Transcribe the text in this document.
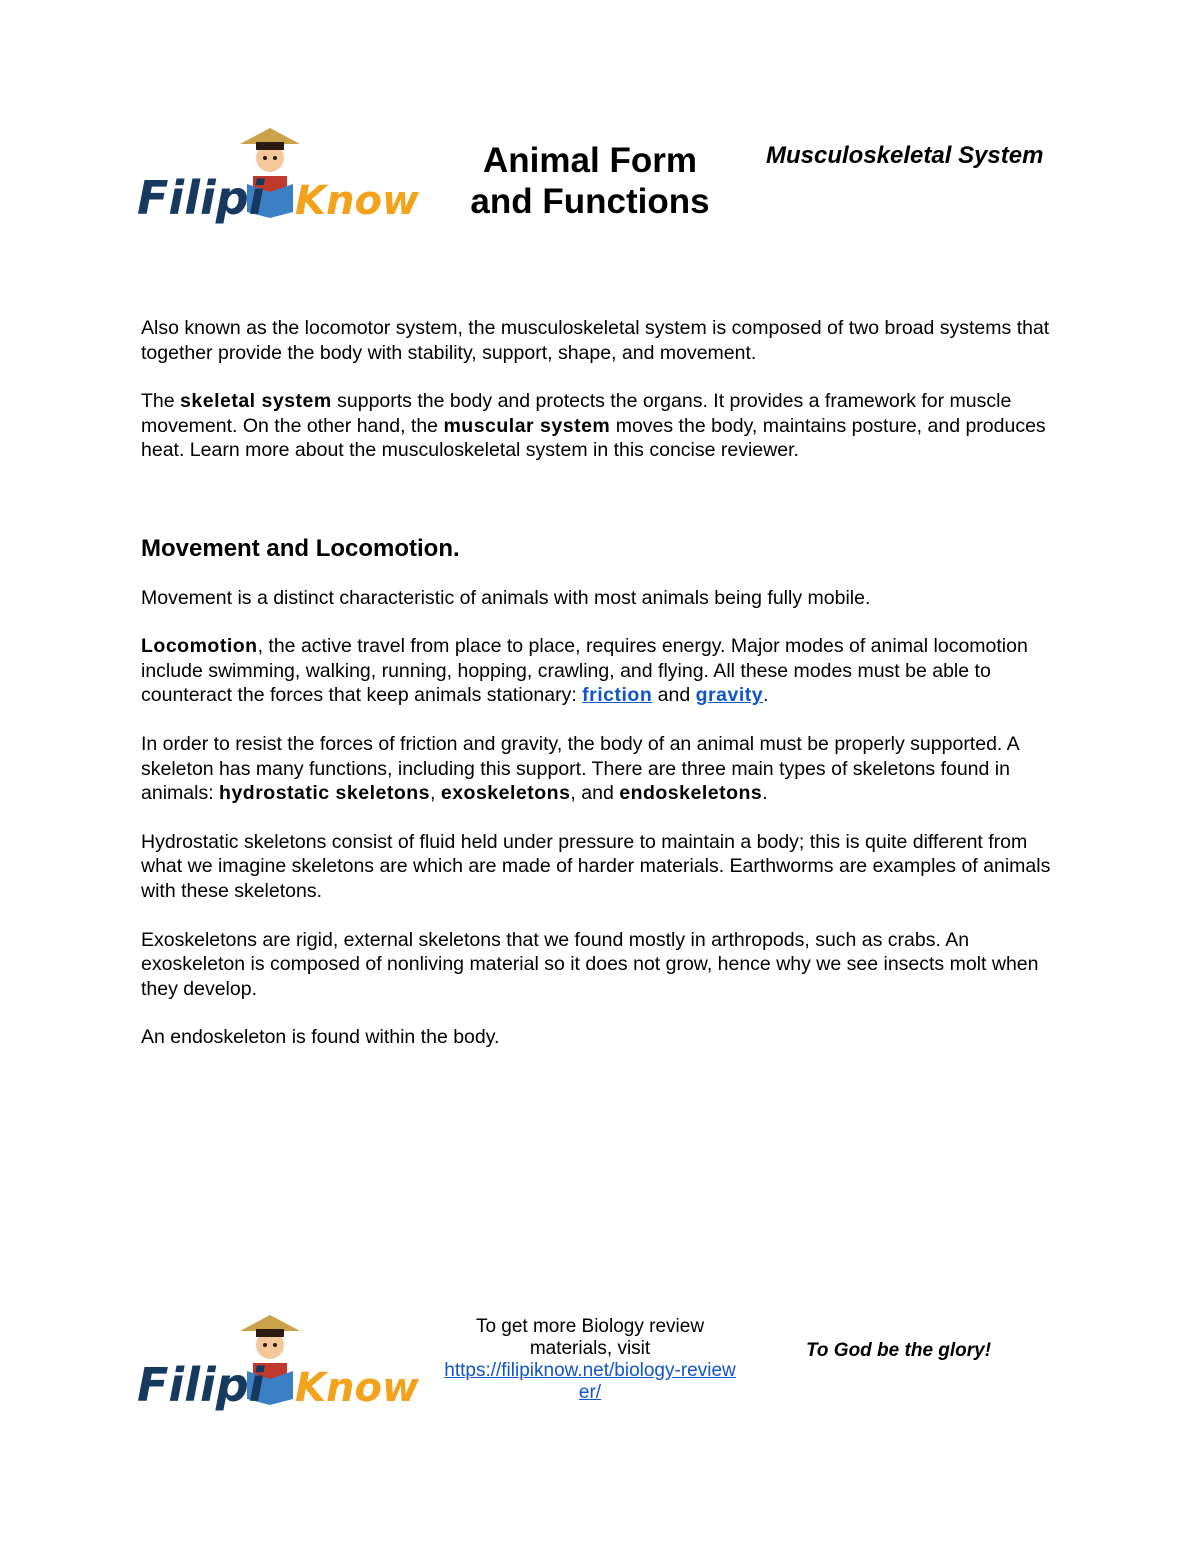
Filipi Know
Animal Form
and Functions
Musculoskeletal System

Also known as the locomotor system, the musculoskeletal system is composed of two broad systems that together provide the body with stability, support, shape, and movement.

The skeletal system supports the body and protects the organs. It provides a framework for muscle movement. On the other hand, the muscular system moves the body, maintains posture, and produces heat. Learn more about the musculoskeletal system in this concise reviewer.

Movement and Locomotion.

Movement is a distinct characteristic of animals with most animals being fully mobile.

Locomotion, the active travel from place to place, requires energy. Major modes of animal locomotion include swimming, walking, running, hopping, crawling, and flying. All these modes must be able to counteract the forces that keep animals stationary: friction and gravity.

In order to resist the forces of friction and gravity, the body of an animal must be properly supported. A skeleton has many functions, including this support. There are three main types of skeletons found in animals: hydrostatic skeletons, exoskeletons, and endoskeletons.

Hydrostatic skeletons consist of fluid held under pressure to maintain a body; this is quite different from what we imagine skeletons are which are made of harder materials. Earthworms are examples of animals with these skeletons.

Exoskeletons are rigid, external skeletons that we found mostly in arthropods, such as crabs. An exoskeleton is composed of nonliving material so it does not grow, hence why we see insects molt when they develop.

An endoskeleton is found within the body.

Filipi Know
To get more Biology review materials, visit
https://filipiknow.net/biology-reviewer/
To God be the glory!
